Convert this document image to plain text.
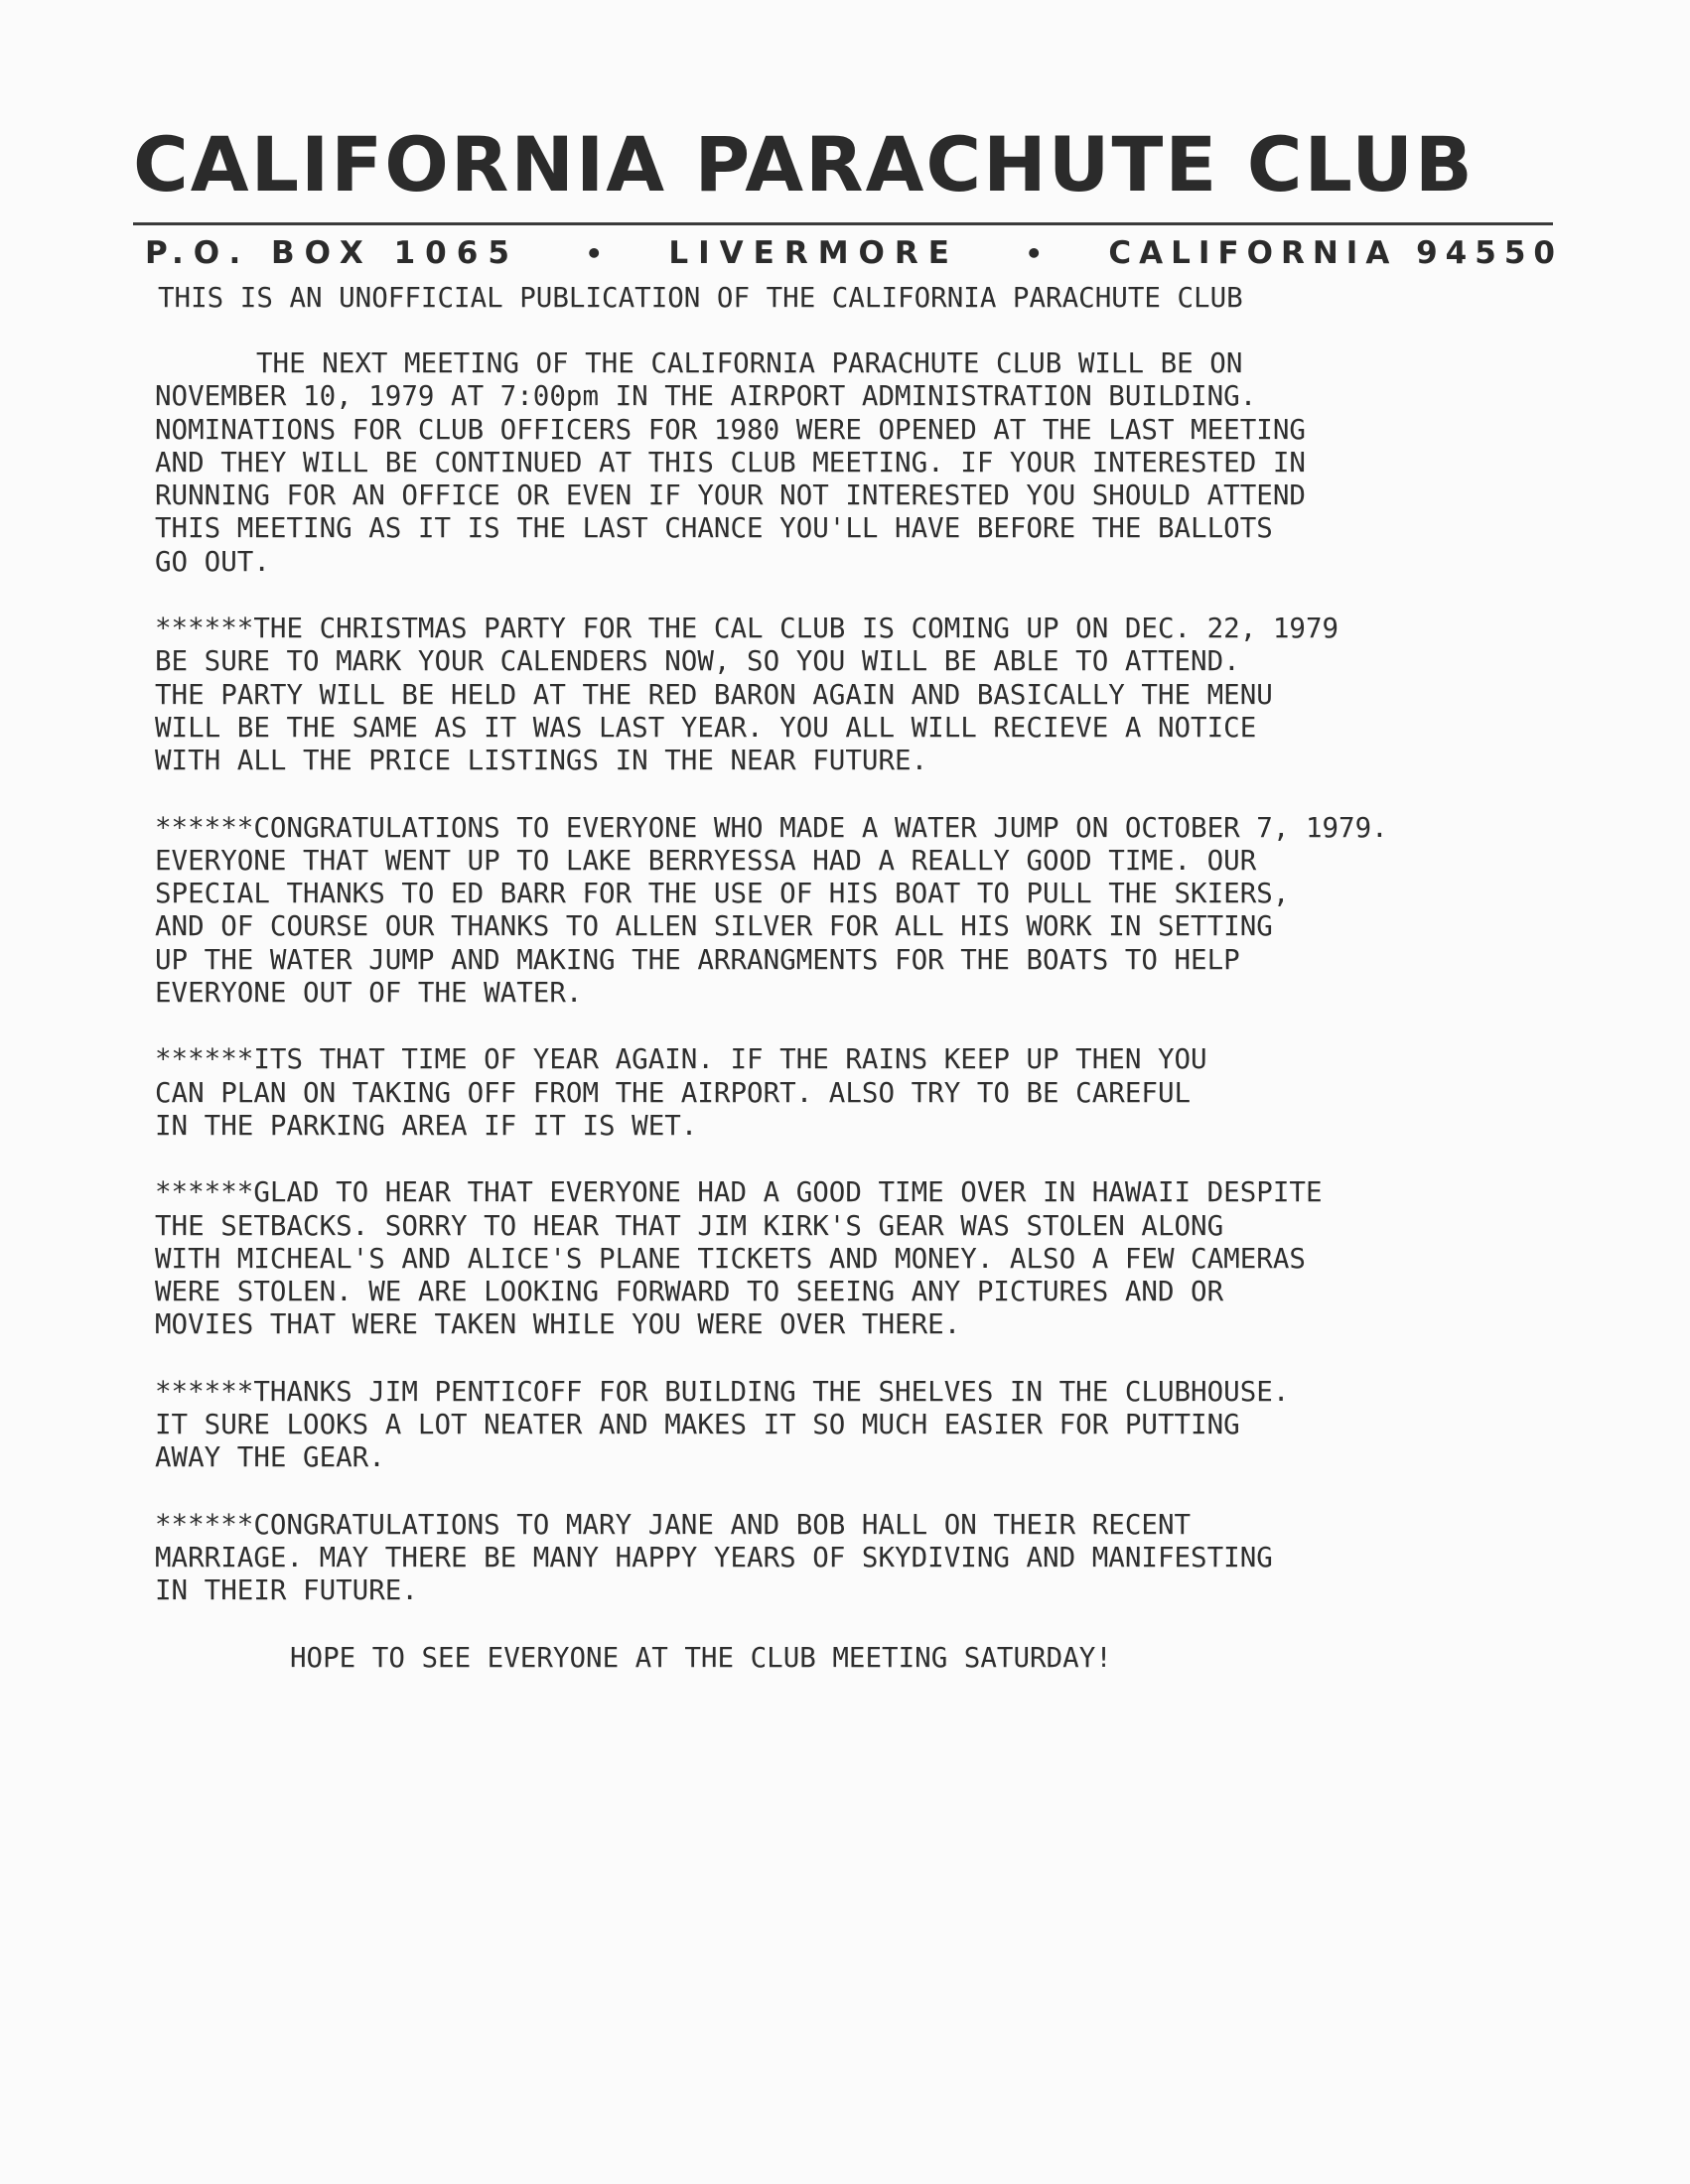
CALIFORNIA PARACHUTE CLUB
P.O. BOX 1065 • LIVERMORE • CALIFORNIA 94550

THIS IS AN UNOFFICIAL PUBLICATION OF THE CALIFORNIA PARACHUTE CLUB

THE NEXT MEETING OF THE CALIFORNIA PARACHUTE CLUB WILL BE ON
NOVEMBER 10, 1979 AT 7:00pm IN THE AIRPORT ADMINISTRATION BUILDING.
NOMINATIONS FOR CLUB OFFICERS FOR 1980 WERE OPENED AT THE LAST MEETING
AND THEY WILL BE CONTINUED AT THIS CLUB MEETING. IF YOUR INTERESTED IN
RUNNING FOR AN OFFICE OR EVEN IF YOUR NOT INTERESTED YOU SHOULD ATTEND
THIS MEETING AS IT IS THE LAST CHANCE YOU'LL HAVE BEFORE THE BALLOTS
GO OUT.

******THE CHRISTMAS PARTY FOR THE CAL CLUB IS COMING UP ON DEC. 22, 1979
BE SURE TO MARK YOUR CALENDERS NOW, SO YOU WILL BE ABLE TO ATTEND.
THE PARTY WILL BE HELD AT THE RED BARON AGAIN AND BASICALLY THE MENU
WILL BE THE SAME AS IT WAS LAST YEAR. YOU ALL WILL RECIEVE A NOTICE
WITH ALL THE PRICE LISTINGS IN THE NEAR FUTURE.

******CONGRATULATIONS TO EVERYONE WHO MADE A WATER JUMP ON OCTOBER 7, 1979.
EVERYONE THAT WENT UP TO LAKE BERRYESSA HAD A REALLY GOOD TIME. OUR
SPECIAL THANKS TO ED BARR FOR THE USE OF HIS BOAT TO PULL THE SKIERS,
AND OF COURSE OUR THANKS TO ALLEN SILVER FOR ALL HIS WORK IN SETTING
UP THE WATER JUMP AND MAKING THE ARRANGMENTS FOR THE BOATS TO HELP
EVERYONE OUT OF THE WATER.

******ITS THAT TIME OF YEAR AGAIN. IF THE RAINS KEEP UP THEN YOU
CAN PLAN ON TAKING OFF FROM THE AIRPORT. ALSO TRY TO BE CAREFUL
IN THE PARKING AREA IF IT IS WET.

******GLAD TO HEAR THAT EVERYONE HAD A GOOD TIME OVER IN HAWAII DESPITE
THE SETBACKS. SORRY TO HEAR THAT JIM KIRK'S GEAR WAS STOLEN ALONG
WITH MICHEAL'S AND ALICE'S PLANE TICKETS AND MONEY. ALSO A FEW CAMERAS
WERE STOLEN. WE ARE LOOKING FORWARD TO SEEING ANY PICTURES AND OR
MOVIES THAT WERE TAKEN WHILE YOU WERE OVER THERE.

******THANKS JIM PENTICOFF FOR BUILDING THE SHELVES IN THE CLUBHOUSE.
IT SURE LOOKS A LOT NEATER AND MAKES IT SO MUCH EASIER FOR PUTTING
AWAY THE GEAR.

******CONGRATULATIONS TO MARY JANE AND BOB HALL ON THEIR RECENT
MARRIAGE. MAY THERE BE MANY HAPPY YEARS OF SKYDIVING AND MANIFESTING
IN THEIR FUTURE.

HOPE TO SEE EVERYONE AT THE CLUB MEETING SATURDAY!
